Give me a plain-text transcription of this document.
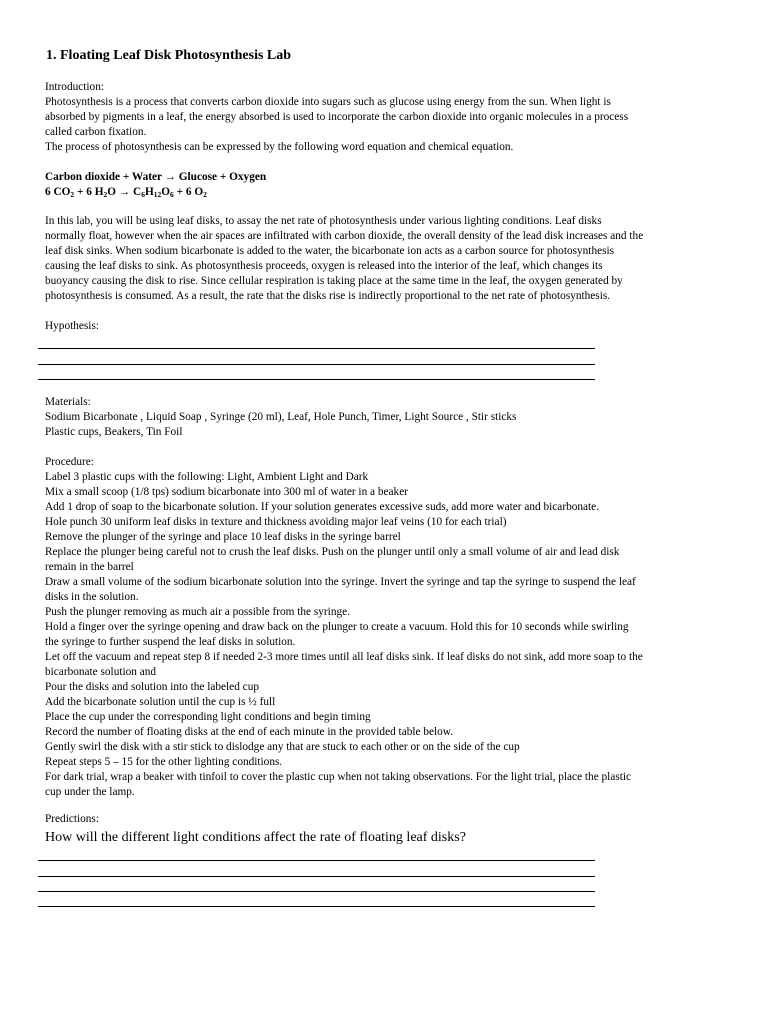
1. Floating Leaf Disk Photosynthesis Lab

Introduction:

Photosynthesis is a process that converts carbon dioxide into sugars such as glucose using energy from the sun. When light is

absorbed by pigments in a leaf, the energy absorbed is used to incorporate the carbon dioxide into organic molecules in a process

called carbon fixation.

The process of photosynthesis can be expressed by the following word equation and chemical equation.

Carbon dioxide + Water → Glucose + Oxygen

6 $CO_2 + 6$ $H_2O \to C_6H_{12}O_6 + 6$ $O_2$

In this lab, you will be using leaf disks, to assay the net rate of photosynthesis under various lighting conditions. Leaf disks

normally float, however when the air spaces are infiltrated with carbon dioxide, the overall density of the lead disk increases and the

leaf disk sinks. When sodium bicarbonate is added to the water, the bicarbonate ion acts as a carbon source for photosynthesis

causing the leaf disks to sink. As photosynthesis proceeds, oxygen is released into the interior of the leaf, which changes its

buoyancy causing the disk to rise. Since cellular respiration is taking place at the same time in the leaf, the oxygen generated by

photosynthesis is consumed. As a result, the rate that the disks rise is indirectly proportional to the net rate of photosynthesis.

Hypothesis:

Materials:

Sodium Bicarbonate , Liquid Soap , Syringe (20 ml), Leaf, Hole Punch, Timer, Light Source , Stir sticks

Plastic cups, Beakers, Tin Foil

Procedure:

Label 3 plastic cups with the following: Light, Ambient Light and Dark

Mix a small scoop (1/8 tps) sodium bicarbonate into 300 ml of water in a beaker

Add 1 drop of soap to the bicarbonate solution. If your solution generates excessive suds, add more water and bicarbonate.

Hole punch 30 uniform leaf disks in texture and thickness avoiding major leaf veins (10 for each trial)

Remove the plunger of the syringe and place 10 leaf disks in the syringe barrel

Replace the plunger being careful not to crush the leaf disks. Push on the plunger until only a small volume of air and lead disk

remain in the barrel

Draw a small volume of the sodium bicarbonate solution into the syringe. Invert the syringe and tap the syringe to suspend the leaf

disks in the solution.

Push the plunger removing as much air a possible from the syringe.

Hold a finger over the syringe opening and draw back on the plunger to create a vacuum. Hold this for 10 seconds while swirling

the syringe to further suspend the leaf disks in solution.

Let off the vacuum and repeat step 8 if needed 2-3 more times until all leaf disks sink. If leaf disks do not sink, add more soap to the

bicarbonate solution and

Pour the disks and solution into the labeled cup

Add the bicarbonate solution until the cup is ½ full

Place the cup under the corresponding light conditions and begin timing

Record the number of floating disks at the end of each minute in the provided table below.

Gently swirl the disk with a stir stick to dislodge any that are stuck to each other or on the side of the cup

Repeat steps 5 – 15 for the other lighting conditions.

For dark trial, wrap a beaker with tinfoil to cover the plastic cup when not taking observations. For the light trial, place the plastic

cup under the lamp.

Predictions:

How will the different light conditions affect the rate of floating leaf disks?
